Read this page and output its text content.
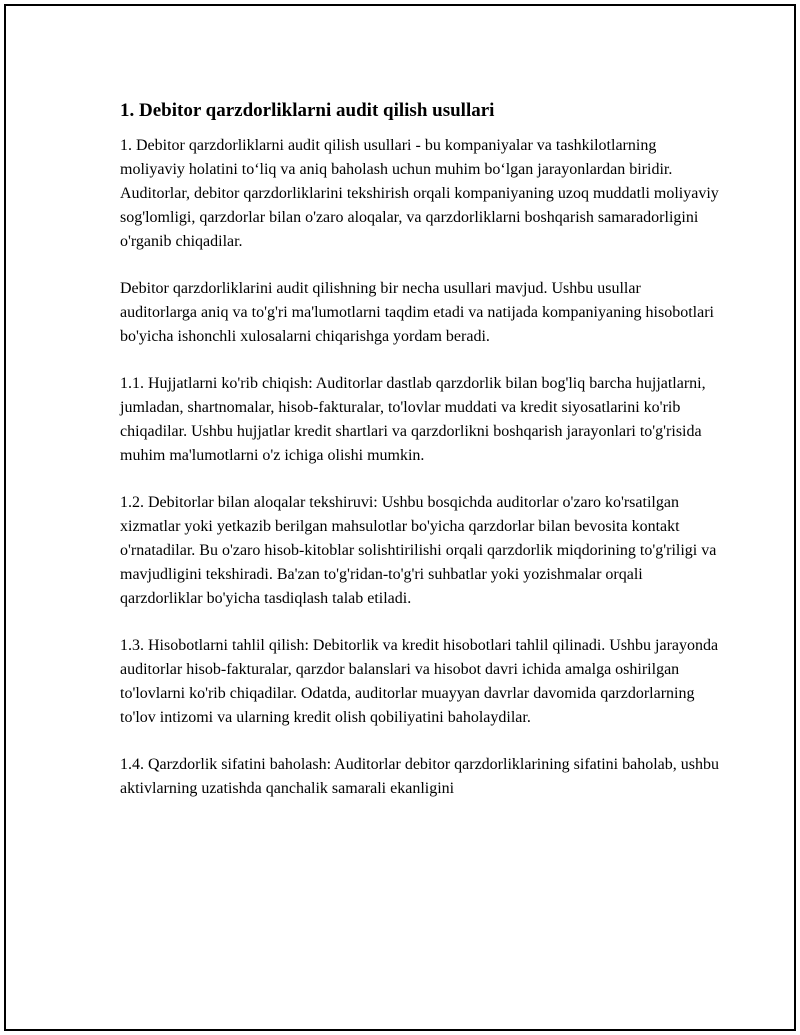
1. Debitor qarzdorliklarni audit qilish usullari

1. Debitor qarzdorliklarni audit qilish usullari - bu kompaniyalar va tashkilotlarning moliyaviy holatini to‘liq va aniq baholash uchun muhim bo‘lgan jarayonlardan biridir. Auditorlar, debitor qarzdorliklarini tekshirish orqali kompaniyaning uzoq muddatli moliyaviy sog'lomligi, qarzdorlar bilan o'zaro aloqalar, va qarzdorliklarni boshqarish samaradorligini o'rganib chiqadilar.

Debitor qarzdorliklarini audit qilishning bir necha usullari mavjud. Ushbu usullar auditorlarga aniq va to'g'ri ma'lumotlarni taqdim etadi va natijada kompaniyaning hisobotlari bo'yicha ishonchli xulosalarni chiqarishga yordam beradi.

1.1. Hujjatlarni ko'rib chiqish: Auditorlar dastlab qarzdorlik bilan bog'liq barcha hujjatlarni, jumladan, shartnomalar, hisob-fakturalar, to'lovlar muddati va kredit siyosatlarini ko'rib chiqadilar. Ushbu hujjatlar kredit shartlari va qarzdorlikni boshqarish jarayonlari to'g'risida muhim ma'lumotlarni o'z ichiga olishi mumkin.

1.2. Debitorlar bilan aloqalar tekshiruvi: Ushbu bosqichda auditorlar o'zaro ko'rsatilgan xizmatlar yoki yetkazib berilgan mahsulotlar bo'yicha qarzdorlar bilan bevosita kontakt o'rnatadilar. Bu o'zaro hisob-kitoblar solishtirilishi orqali qarzdorlik miqdorining to'g'riligi va mavjudligini tekshiradi. Ba'zan to'g'ridan-to'g'ri suhbatlar yoki yozishmalar orqali qarzdorliklar bo'yicha tasdiqlash talab etiladi.

1.3. Hisobotlarni tahlil qilish: Debitorlik va kredit hisobotlari tahlil qilinadi. Ushbu jarayonda auditorlar hisob-fakturalar, qarzdor balanslari va hisobot davri ichida amalga oshirilgan to'lovlarni ko'rib chiqadilar. Odatda, auditorlar muayyan davrlar davomida qarzdorlarning to'lov intizomi va ularning kredit olish qobiliyatini baholaydilar.

1.4. Qarzdorlik sifatini baholash: Auditorlar debitor qarzdorliklarining sifatini baholab, ushbu aktivlarning uzatishda qanchalik samarali ekanligini
